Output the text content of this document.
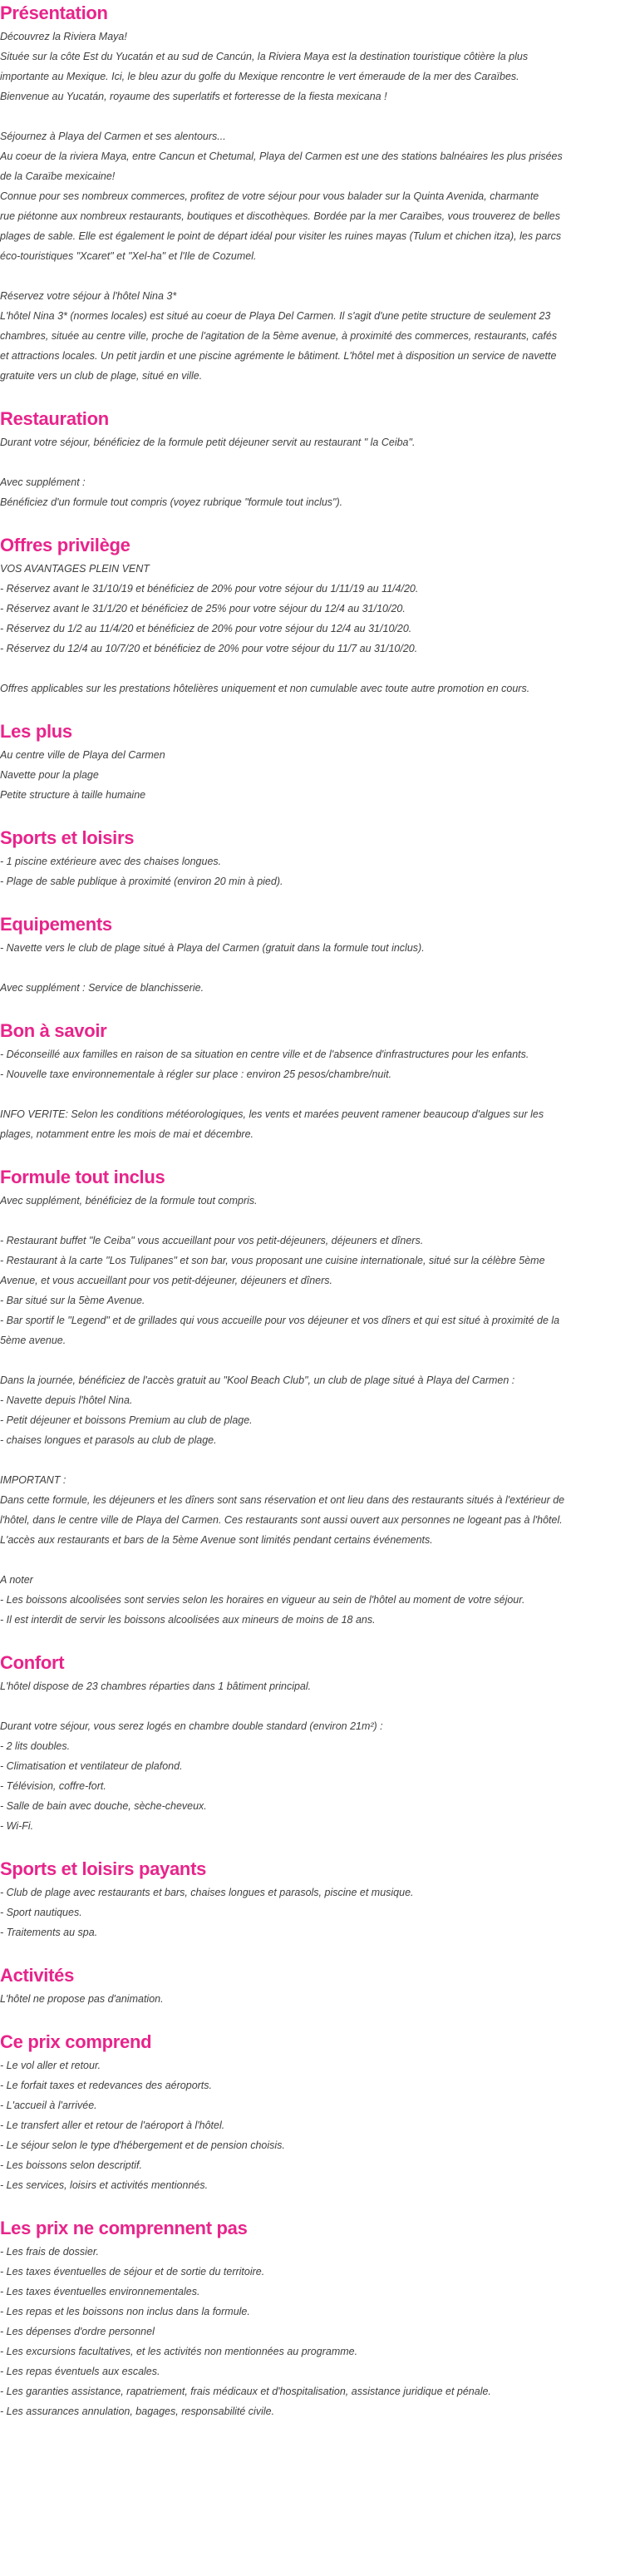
Présentation
Découvrez la Riviera Maya!
Située sur la côte Est du Yucatán et au sud de Cancún, la Riviera Maya est la destination touristique côtière la plus
importante au Mexique. Ici, le bleu azur du golfe du Mexique rencontre le vert émeraude de la mer des Caraïbes.
Bienvenue au Yucatán, royaume des superlatifs et forteresse de la fiesta mexicana !
Séjournez à Playa del Carmen et ses alentours...
Au coeur de la riviera Maya, entre Cancun et Chetumal, Playa del Carmen est une des stations balnéaires les plus prisées
de la Caraïbe mexicaine!
Connue pour ses nombreux commerces, profitez de votre séjour pour vous balader sur la Quinta Avenida, charmante
rue piétonne aux nombreux restaurants, boutiques et discothèques. Bordée par la mer Caraïbes, vous trouverez de belles
plages de sable. Elle est également le point de départ idéal pour visiter les ruines mayas (Tulum et chichen itza), les parcs
éco-touristiques "Xcaret" et "Xel-ha" et l'Ile de Cozumel.
Réservez votre séjour à l'hôtel Nina 3*
L'hôtel Nina 3* (normes locales) est situé au coeur de Playa Del Carmen. Il s'agit d'une petite structure de seulement 23
chambres, située au centre ville, proche de l'agitation de la 5ème avenue, à proximité des commerces, restaurants, cafés
et attractions locales. Un petit jardin et une piscine agrémente le bâtiment. L'hôtel met à disposition un service de navette
gratuite vers un club de plage, situé en ville.
Restauration
Durant votre séjour, bénéficiez de la formule petit déjeuner servit au restaurant " la Ceiba".
Avec supplément :
Bénéficiez d'un formule tout compris (voyez rubrique "formule tout inclus").
Offres privilège
VOS AVANTAGES PLEIN VENT
- Réservez avant le 31/10/19 et bénéficiez de 20% pour votre séjour du 1/11/19 au 11/4/20.
- Réservez avant le 31/1/20 et bénéficiez de 25% pour votre séjour du 12/4 au 31/10/20.
- Réservez du 1/2 au 11/4/20 et bénéficiez de 20% pour votre séjour du 12/4 au 31/10/20.
- Réservez du 12/4 au 10/7/20 et bénéficiez de 20% pour votre séjour du 11/7 au 31/10/20.
Offres applicables sur les prestations hôtelières uniquement et non cumulable avec toute autre promotion en cours.
Les plus
Au centre ville de Playa del Carmen
Navette pour la plage
Petite structure à taille humaine
Sports et loisirs
- 1 piscine extérieure avec des chaises longues.
- Plage de sable publique à proximité (environ 20 min à pied).
Equipements
- Navette vers le club de plage situé à Playa del Carmen (gratuit dans la formule tout inclus).
Avec supplément : Service de blanchisserie.
Bon à savoir
- Déconseillé aux familles en raison de sa situation en centre ville et de l'absence d'infrastructures pour les enfants.
- Nouvelle taxe environnementale à régler sur place : environ 25 pesos/chambre/nuit.
INFO VERITE: Selon les conditions météorologiques, les vents et marées peuvent ramener beaucoup d'algues sur les
plages, notamment entre les mois de mai et décembre.
Formule tout inclus
Avec supplément, bénéficiez de la formule tout compris.
- Restaurant buffet "le Ceiba" vous accueillant pour vos petit-déjeuners, déjeuners et dîners.
- Restaurant à la carte "Los Tulipanes" et son bar, vous proposant une cuisine internationale, situé sur la célèbre 5ème
Avenue, et vous accueillant pour vos petit-déjeuner, déjeuners et dîners.
- Bar situé sur la 5ème Avenue.
- Bar sportif le "Legend" et de grillades qui vous accueille pour vos déjeuner et vos dîners et qui est situé à proximité de la
5ème avenue.
Dans la journée, bénéficiez de l'accès gratuit au "Kool Beach Club", un club de plage situé à Playa del Carmen :
- Navette depuis l'hôtel Nina.
- Petit déjeuner et boissons Premium au club de plage.
- chaises longues et parasols au club de plage.
IMPORTANT :
Dans cette formule, les déjeuners et les dîners sont sans réservation et ont lieu dans des restaurants situés à l'extérieur de
l'hôtel, dans le centre ville de Playa del Carmen. Ces restaurants sont aussi ouvert aux personnes ne logeant pas à l'hôtel.
L'accès aux restaurants et bars de la 5ème Avenue sont limités pendant certains événements.
A noter
- Les boissons alcoolisées sont servies selon les horaires en vigueur au sein de l'hôtel au moment de votre séjour.
- Il est interdit de servir les boissons alcoolisées aux mineurs de moins de 18 ans.
Confort
L'hôtel dispose de 23 chambres réparties dans 1 bâtiment principal.
Durant votre séjour, vous serez logés en chambre double standard (environ 21m²) :
- 2 lits doubles.
- Climatisation et ventilateur de plafond.
- Télévision, coffre-fort.
- Salle de bain avec douche, sèche-cheveux.
- Wi-Fi.
Sports et loisirs payants
- Club de plage avec restaurants et bars, chaises longues et parasols, piscine et musique.
- Sport nautiques.
- Traitements au spa.
Activités
L'hôtel ne propose pas d'animation.
Ce prix comprend
- Le vol aller et retour.
- Le forfait taxes et redevances des aéroports.
- L'accueil à l'arrivée.
- Le transfert aller et retour de l'aéroport à l'hôtel.
- Le séjour selon le type d'hébergement et de pension choisis.
- Les boissons selon descriptif.
- Les services, loisirs et activités mentionnés.
Les prix ne comprennent pas
- Les frais de dossier.
- Les taxes éventuelles de séjour et de sortie du territoire.
- Les taxes éventuelles environnementales.
- Les repas et les boissons non inclus dans la formule.
- Les dépenses d'ordre personnel
- Les excursions facultatives, et les activités non mentionnées au programme.
- Les repas éventuels aux escales.
- Les garanties assistance, rapatriement, frais médicaux et d'hospitalisation, assistance juridique et pénale.
- Les assurances annulation, bagages, responsabilité civile.
